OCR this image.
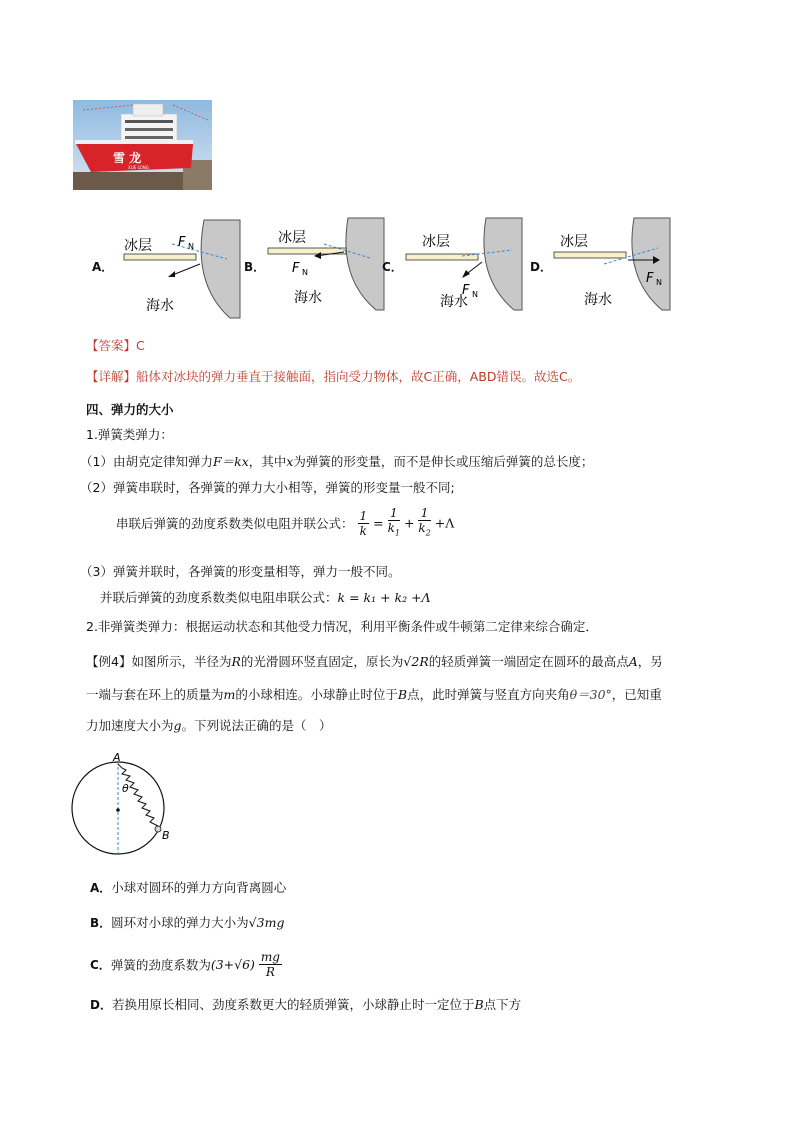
雪 龙
XUE LONG
A．
冰层 F N
海水
B．
冰层
F N
海水
C．
冰层
F N
海水
D．
冰层
F N
海水
【答案】C
【详解】船体对冰块的弹力垂直于接触面，指向受力物体，故C正确，ABD错误。故选C。
四、弹力的大小
1.弹簧类弹力：
（1）由胡克定律知弹力F＝kx，其中x为弹簧的形变量，而不是伸长或压缩后弹簧的总长度；
（2）弹簧串联时，各弹簧的弹力大小相等，弹簧的形变量一般不同;
串联后弹簧的劲度系数类似电阻并联公式： $\frac{1}{k} = \frac{1}{k_1} + \frac{1}{k_2} +\Lambda$
（3）弹簧并联时，各弹簧的形变量相等，弹力一般不同。
并联后弹簧的劲度系数类似电阻串联公式：k = k₁ + k₂ +Λ
2.非弹簧类弹力：根据运动状态和其他受力情况，利用平衡条件或牛顿第二定律来综合确定．
【例4】如图所示，半径为R的光滑圆环竖直固定，原长为√2R的轻质弹簧一端固定在圆环的最高点A，另
一端与套在环上的质量为m的小球相连。小球静止时位于B点，此时弹簧与竖直方向夹角θ＝30°，已知重
力加速度大小为g。下列说法正确的是（　）
A
B
θ
A．小球对圆环的弹力方向背离圆心
B．圆环对小球的弹力大小为√3mg
C．弹簧的劲度系数为$(3+√6) \frac{mg}{R}$
D．若换用原长相同、劲度系数更大的轻质弹簧，小球静止时一定位于B点下方
